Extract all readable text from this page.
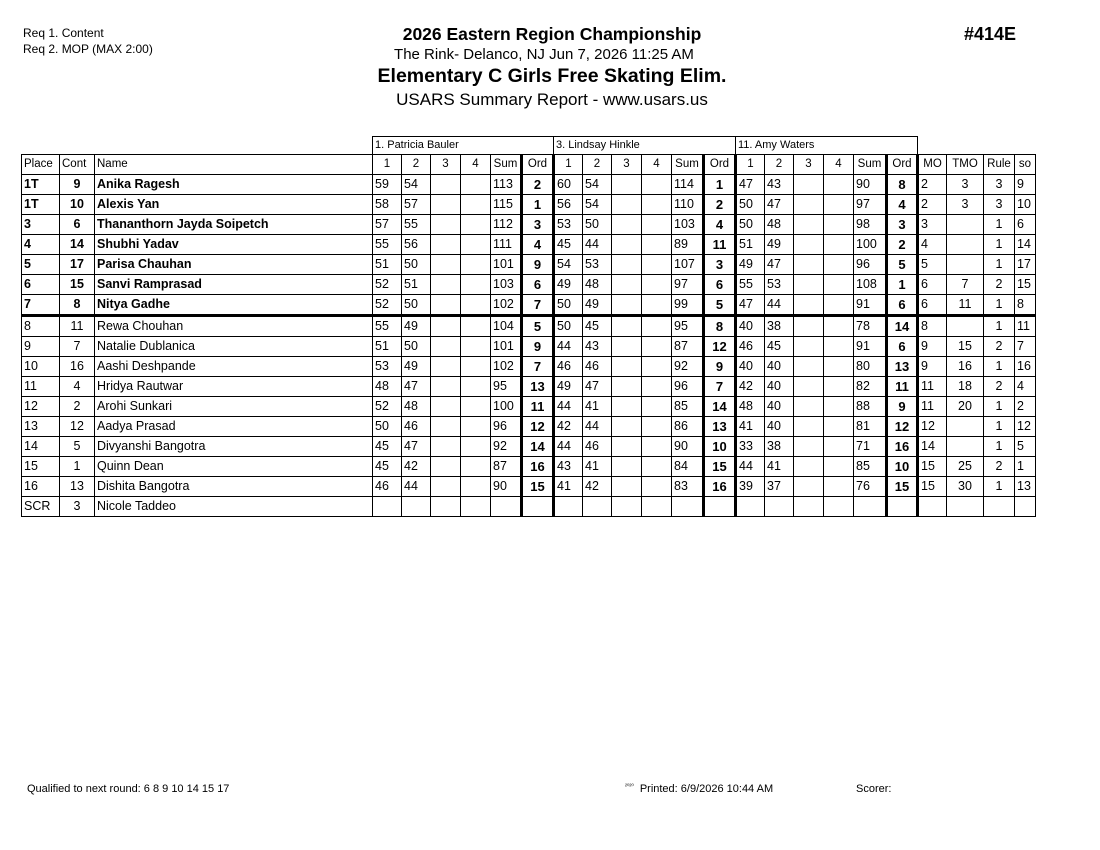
Req 1. Content
Req 2. MOP (MAX 2:00)
2026 Eastern Region Championship
The Rink- Delanco, NJ Jun 7, 2026 11:25 AM
Elementary C Girls Free Skating Elim.
USARS Summary Report - www.usars.us
#414E
			1. Patricia Bauler						3. Lindsay Hinkle						11. Amy Waters									
Place	Cont	Name	1	2	3	4	Sum	Ord	1	2	3	4	Sum	Ord	1	2	3	4	Sum	Ord	MO	TMO	Rule	so
1T	9	Anika Ragesh	59	54			113	2	60	54			114	1	47	43			90	8	2	3	3	9
1T	10	Alexis Yan	58	57			115	1	56	54			110	2	50	47			97	4	2	3	3	10
3	6	Thananthorn Jayda Soipetch	57	55			112	3	53	50			103	4	50	48			98	3	3		1	6
4	14	Shubhi Yadav	55	56			111	4	45	44			89	11	51	49			100	2	4		1	14
5	17	Parisa Chauhan	51	50			101	9	54	53			107	3	49	47			96	5	5		1	17
6	15	Sanvi Ramprasad	52	51			103	6	49	48			97	6	55	53			108	1	6	7	2	15
7	8	Nitya Gadhe	52	50			102	7	50	49			99	5	47	44			91	6	6	11	1	8
8	11	Rewa Chouhan	55	49			104	5	50	45			95	8	40	38			78	14	8		1	11
9	7	Natalie Dublanica	51	50			101	9	44	43			87	12	46	45			91	6	9	15	2	7
10	16	Aashi Deshpande	53	49			102	7	46	46			92	9	40	40			80	13	9	16	1	16
11	4	Hridya Rautwar	48	47			95	13	49	47			96	7	42	40			82	11	11	18	2	4
12	2	Arohi Sunkari	52	48			100	11	44	41			85	14	48	40			88	9	11	20	1	2
13	12	Aadya Prasad	50	46			96	12	42	44			86	13	41	40			81	12	12		1	12
14	5	Divyanshi Bangotra	45	47			92	14	44	46			90	10	33	38			71	16	14		1	5
15	1	Quinn Dean	45	42			87	16	43	41			84	15	44	41			85	10	15	25	2	1
16	13	Dishita Bangotra	46	44			90	15	41	42			83	16	39	37			76	15	15	30	1	13
SCR	3	Nicole Taddeo																						
Qualified to next round: 6 8 9 10 14 15 17	$^{^{2020}}$ Printed: 6/9/2026 10:44 AM	Scorer:
